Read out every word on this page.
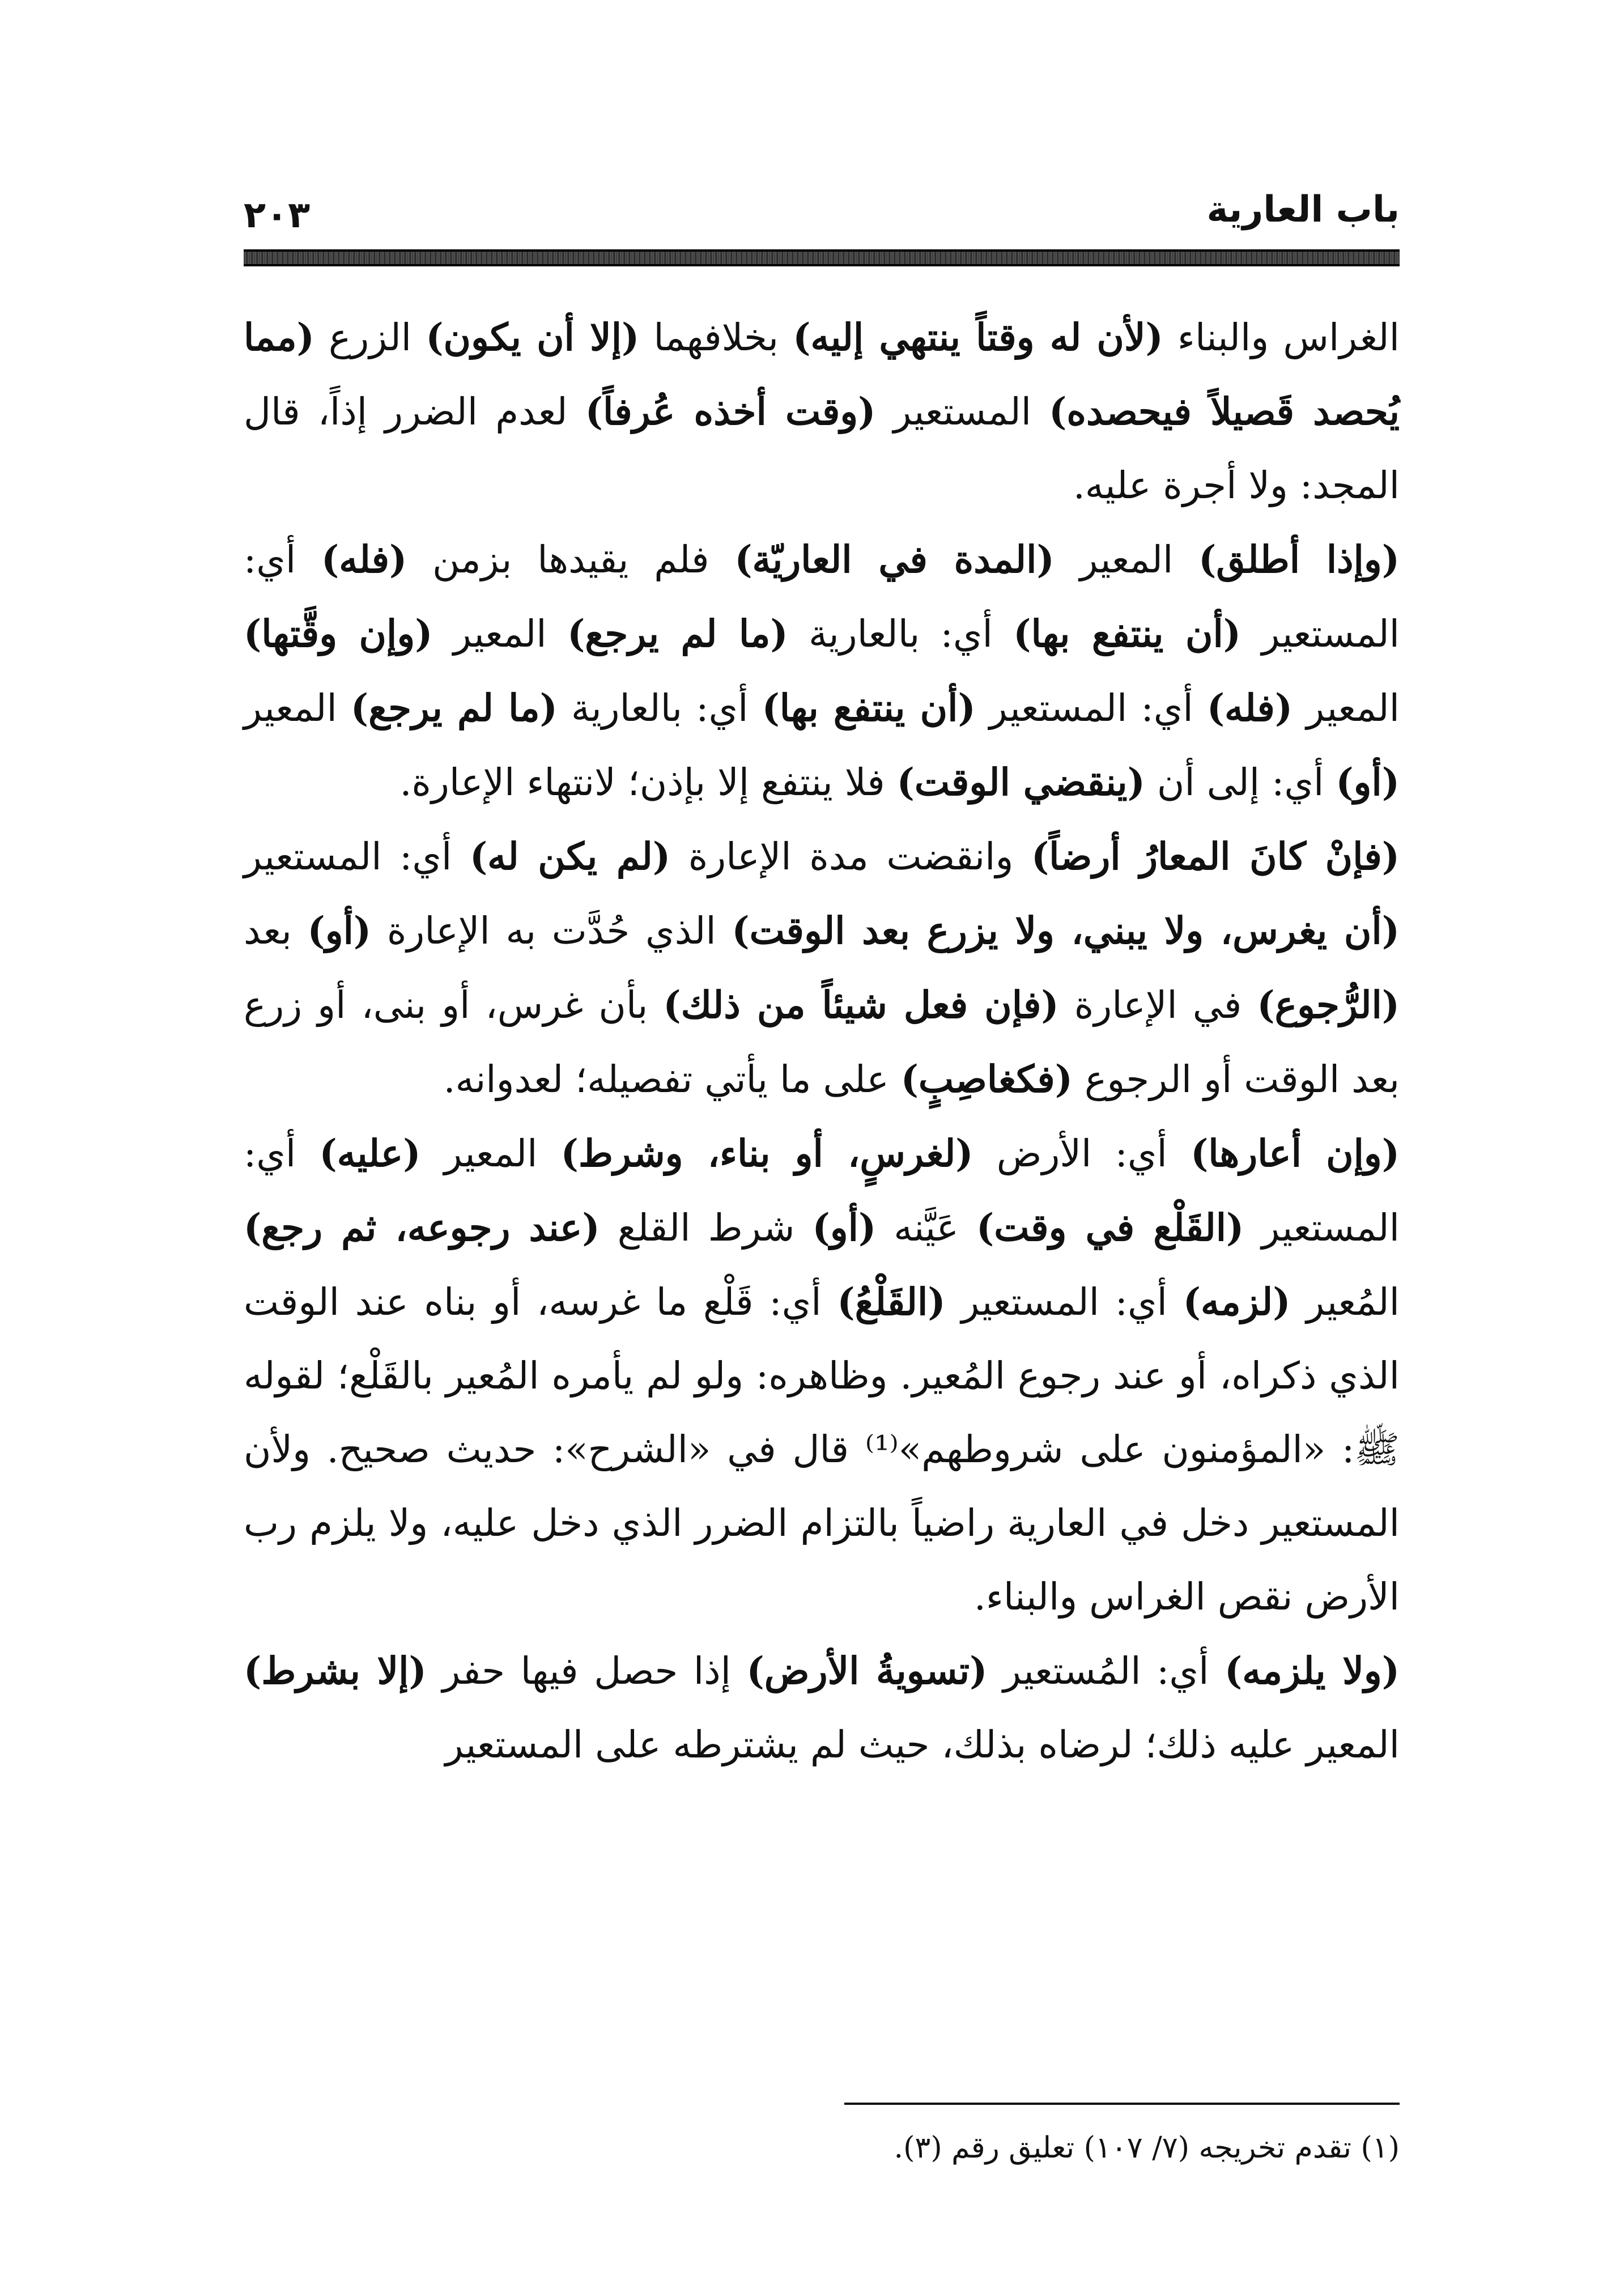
باب العارية
٢٠٣

الغراس والبناء (لأن له وقتاً ينتهي إليه) بخلافهما (إلا أن يكون) الزرع (مما يُحصد قَصيلاً فيحصده) المستعير (وقت أخذه عُرفاً) لعدم الضرر إذاً، قال المجد: ولا أجرة عليه.

(وإذا أطلق) المعير (المدة في العاريّة) فلم يقيدها بزمن (فله) أي: المستعير (أن ينتفع بها) أي: بالعارية (ما لم يرجع) المعير (وإن وقَّتها) المعير (فله) أي: المستعير (أن ينتفع بها) أي: بالعارية (ما لم يرجع) المعير (أو) أي: إلى أن (ينقضي الوقت) فلا ينتفع إلا بإذن؛ لانتهاء الإعارة.

(فإنْ كانَ المعارُ أرضاً) وانقضت مدة الإعارة (لم يكن له) أي: المستعير (أن يغرس، ولا يبني، ولا يزرع بعد الوقت) الذي حُدَّت به الإعارة (أو) بعد (الرُّجوع) في الإعارة (فإن فعل شيئاً من ذلك) بأن غرس، أو بنى، أو زرع بعد الوقت أو الرجوع (فكغاصِبٍ) على ما يأتي تفصيله؛ لعدوانه.

(وإن أعارها) أي: الأرض (لغرسٍ، أو بناء، وشرط) المعير (عليه) أي: المستعير (القَلْع في وقت) عَيَّنه (أو) شرط القلع (عند رجوعه، ثم رجع) المُعير (لزمه) أي: المستعير (القَلْعُ) أي: قَلْع ما غرسه، أو بناه عند الوقت الذي ذكراه، أو عند رجوع المُعير. وظاهره: ولو لم يأمره المُعير بالقَلْع؛ لقوله ﷺ: «المؤمنون على شروطهم»⁽¹⁾ قال في «الشرح»: حديث صحيح. ولأن المستعير دخل في العارية راضياً بالتزام الضرر الذي دخل عليه، ولا يلزم رب الأرض نقص الغراس والبناء.

(ولا يلزمه) أي: المُستعير (تسويةُ الأرض) إذا حصل فيها حفر (إلا بشرط) المعير عليه ذلك؛ لرضاه بذلك، حيث لم يشترطه على المستعير

(١) تقدم تخريجه (٧/ ١٠٧) تعليق رقم (٣).
